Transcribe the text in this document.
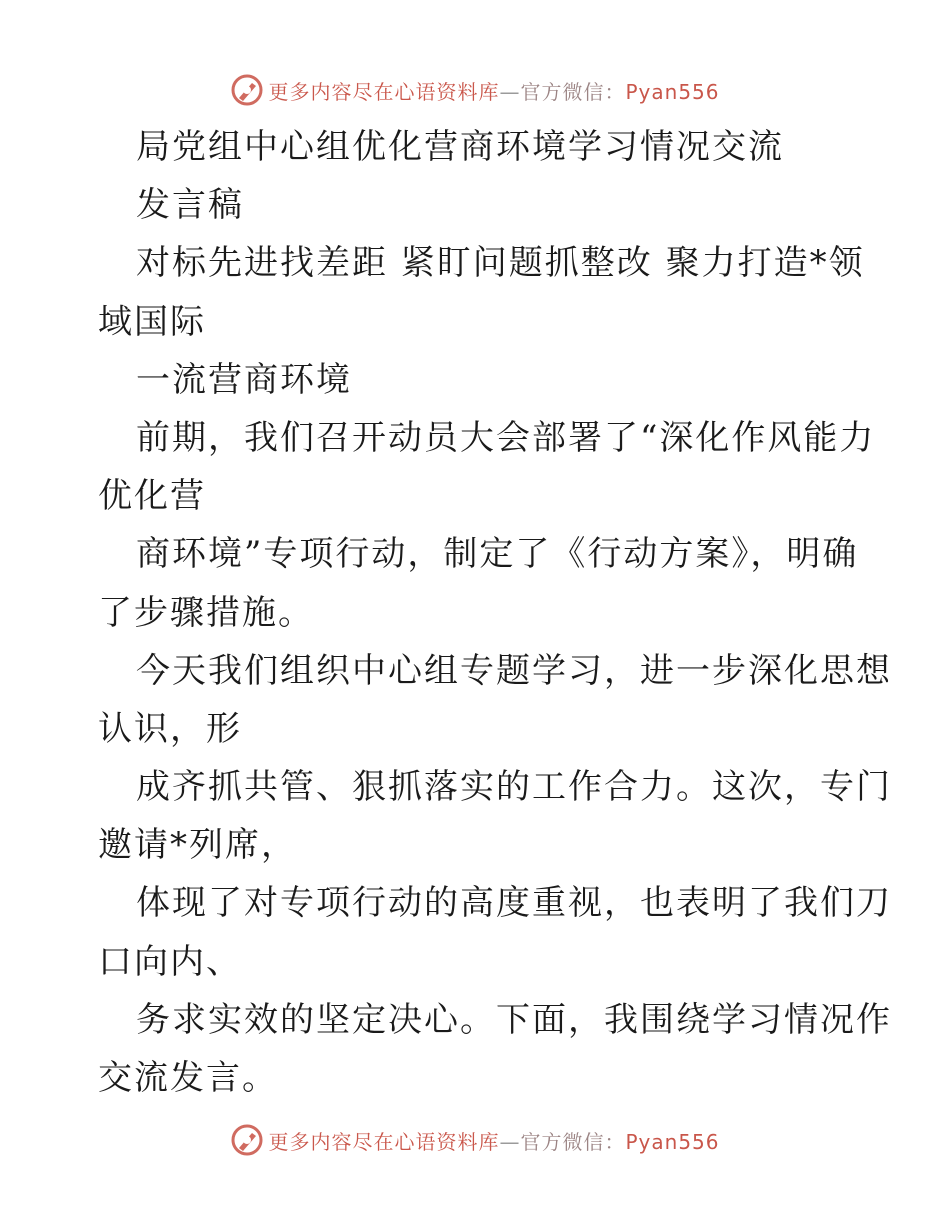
更多内容尽在心语资料库—官方微信：Pyan556
局党组中心组优化营商环境学习情况交流
发言稿
对标先进找差距 紧盯问题抓整改 聚力打造*领
域国际
一流营商环境
前期，我们召开动员大会部署了“深化作风能力
优化营
商环境”专项行动，制定了《行动方案》，明确
了步骤措施。
今天我们组织中心组专题学习，进一步深化思想
认识，形
成齐抓共管、狠抓落实的工作合力。这次，专门
邀请*列席，
体现了对专项行动的高度重视，也表明了我们刀
口向内、
务求实效的坚定决心。下面，我围绕学习情况作
交流发言。
更多内容尽在心语资料库—官方微信：Pyan556
